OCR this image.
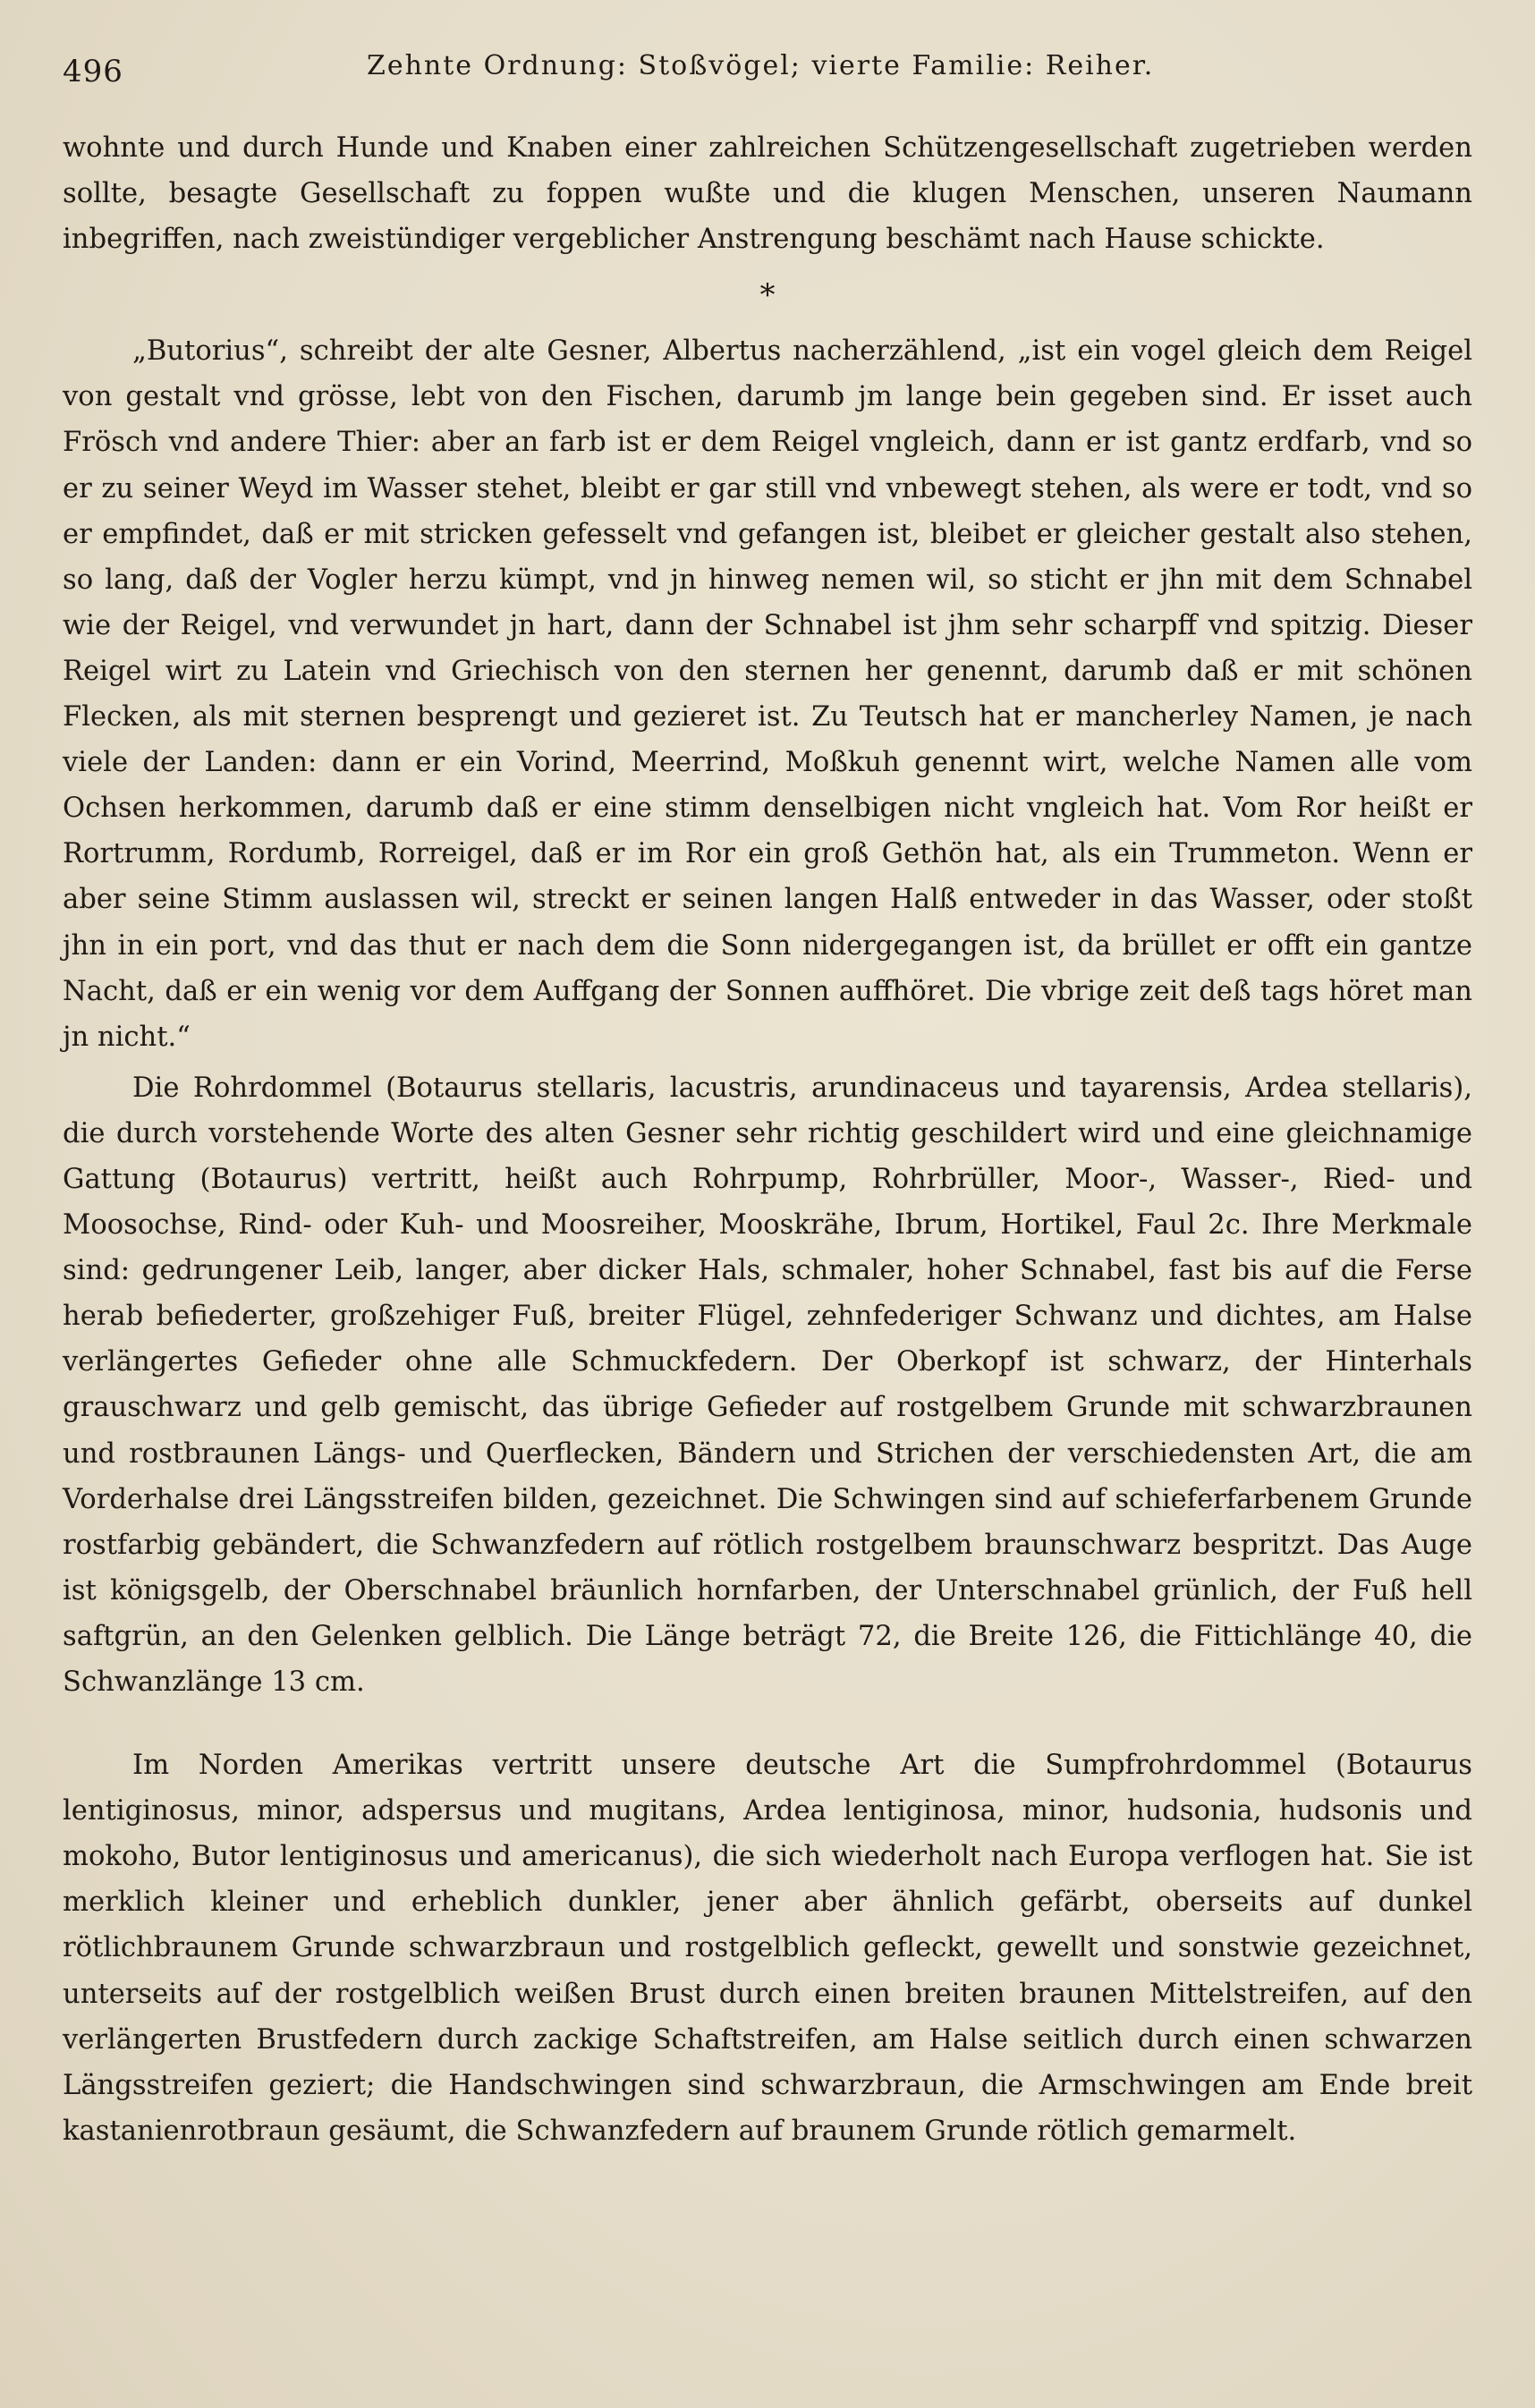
496	Zehnte Ordnung: Stoßvögel; vierte Familie: Reiher.

wohnte und durch Hunde und Knaben einer zahlreichen Schützengesellschaft zugetrieben werden sollte, besagte Gesellschaft zu foppen wußte und die klugen Menschen, unseren Naumann inbegriffen, nach zweistündiger vergeblicher Anstrengung beschämt nach Hause schickte.

*

„Butorius“, schreibt der alte Gesner, Albertus nacherzählend, „ist ein vogel gleich dem Reigel von gestalt vnd grösse, lebt von den Fischen, darumb jm lange bein gegeben sind. Er isset auch Frösch vnd andere Thier: aber an farb ist er dem Reigel vngleich, dann er ist gantz erdfarb, vnd so er zu seiner Weyd im Wasser stehet, bleibt er gar still vnd vnbewegt stehen, als were er todt, vnd so er empfindet, daß er mit stricken gefesselt vnd gefangen ist, bleibet er gleicher gestalt also stehen, so lang, daß der Vogler herzu kümpt, vnd jn hinweg nemen wil, so sticht er jhn mit dem Schnabel wie der Reigel, vnd verwundet jn hart, dann der Schnabel ist jhm sehr scharpff vnd spitzig. Dieser Reigel wirt zu Latein vnd Griechisch von den sternen her genennt, darumb daß er mit schönen Flecken, als mit sternen besprengt und gezieret ist. Zu Teutsch hat er mancherley Namen, je nach viele der Landen: dann er ein Vorind, Meerrind, Moßkuh genennt wirt, welche Namen alle vom Ochsen herkommen, darumb daß er eine stimm denselbigen nicht vngleich hat. Vom Ror heißt er Rortrumm, Rordumb, Rorreigel, daß er im Ror ein groß Gethön hat, als ein Trummeton. Wenn er aber seine Stimm auslassen wil, streckt er seinen langen Halß entweder in das Wasser, oder stoßt jhn in ein port, vnd das thut er nach dem die Sonn nidergegangen ist, da brüllet er offt ein gantze Nacht, daß er ein wenig vor dem Auffgang der Sonnen auffhöret. Die vbrige zeit deß tags höret man jn nicht.“

Die Rohrdommel (Botaurus stellaris, lacustris, arundinaceus und tayarensis, Ardea stellaris), die durch vorstehende Worte des alten Gesner sehr richtig geschildert wird und eine gleichnamige Gattung (Botaurus) vertritt, heißt auch Rohrpump, Rohrbrüller, Moor-, Wasser-, Ried- und Moosochse, Rind- oder Kuh- und Moosreiher, Mooskrähe, Ibrum, Hortikel, Faul 2c. Ihre Merkmale sind: gedrungener Leib, langer, aber dicker Hals, schmaler, hoher Schnabel, fast bis auf die Ferse herab befiederter, großzehiger Fuß, breiter Flügel, zehnfederiger Schwanz und dichtes, am Halse verlängertes Gefieder ohne alle Schmuckfedern. Der Oberkopf ist schwarz, der Hinterhals grauschwarz und gelb gemischt, das übrige Gefieder auf rostgelbem Grunde mit schwarzbraunen und rostbraunen Längs- und Querflecken, Bändern und Strichen der verschiedensten Art, die am Vorderhalse drei Längsstreifen bilden, gezeichnet. Die Schwingen sind auf schieferfarbenem Grunde rostfarbig gebändert, die Schwanzfedern auf rötlich rostgelbem braunschwarz bespritzt. Das Auge ist königsgelb, der Oberschnabel bräunlich hornfarben, der Unterschnabel grünlich, der Fuß hell saftgrün, an den Gelenken gelblich. Die Länge beträgt 72, die Breite 126, die Fittichlänge 40, die Schwanzlänge 13 cm.

Im Norden Amerikas vertritt unsere deutsche Art die Sumpfrohrdommel (Botaurus lentiginosus, minor, adspersus und mugitans, Ardea lentiginosa, minor, hudsonia, hudsonis und mokoho, Butor lentiginosus und americanus), die sich wiederholt nach Europa verflogen hat. Sie ist merklich kleiner und erheblich dunkler, jener aber ähnlich gefärbt, oberseits auf dunkel rötlichbraunem Grunde schwarzbraun und rostgelblich gefleckt, gewellt und sonstwie gezeichnet, unterseits auf der rostgelblich weißen Brust durch einen breiten braunen Mittelstreifen, auf den verlängerten Brustfedern durch zackige Schaftstreifen, am Halse seitlich durch einen schwarzen Längsstreifen geziert; die Handschwingen sind schwarzbraun, die Armschwingen am Ende breit kastanienrotbraun gesäumt, die Schwanzfedern auf braunem Grunde rötlich gemarmelt.
